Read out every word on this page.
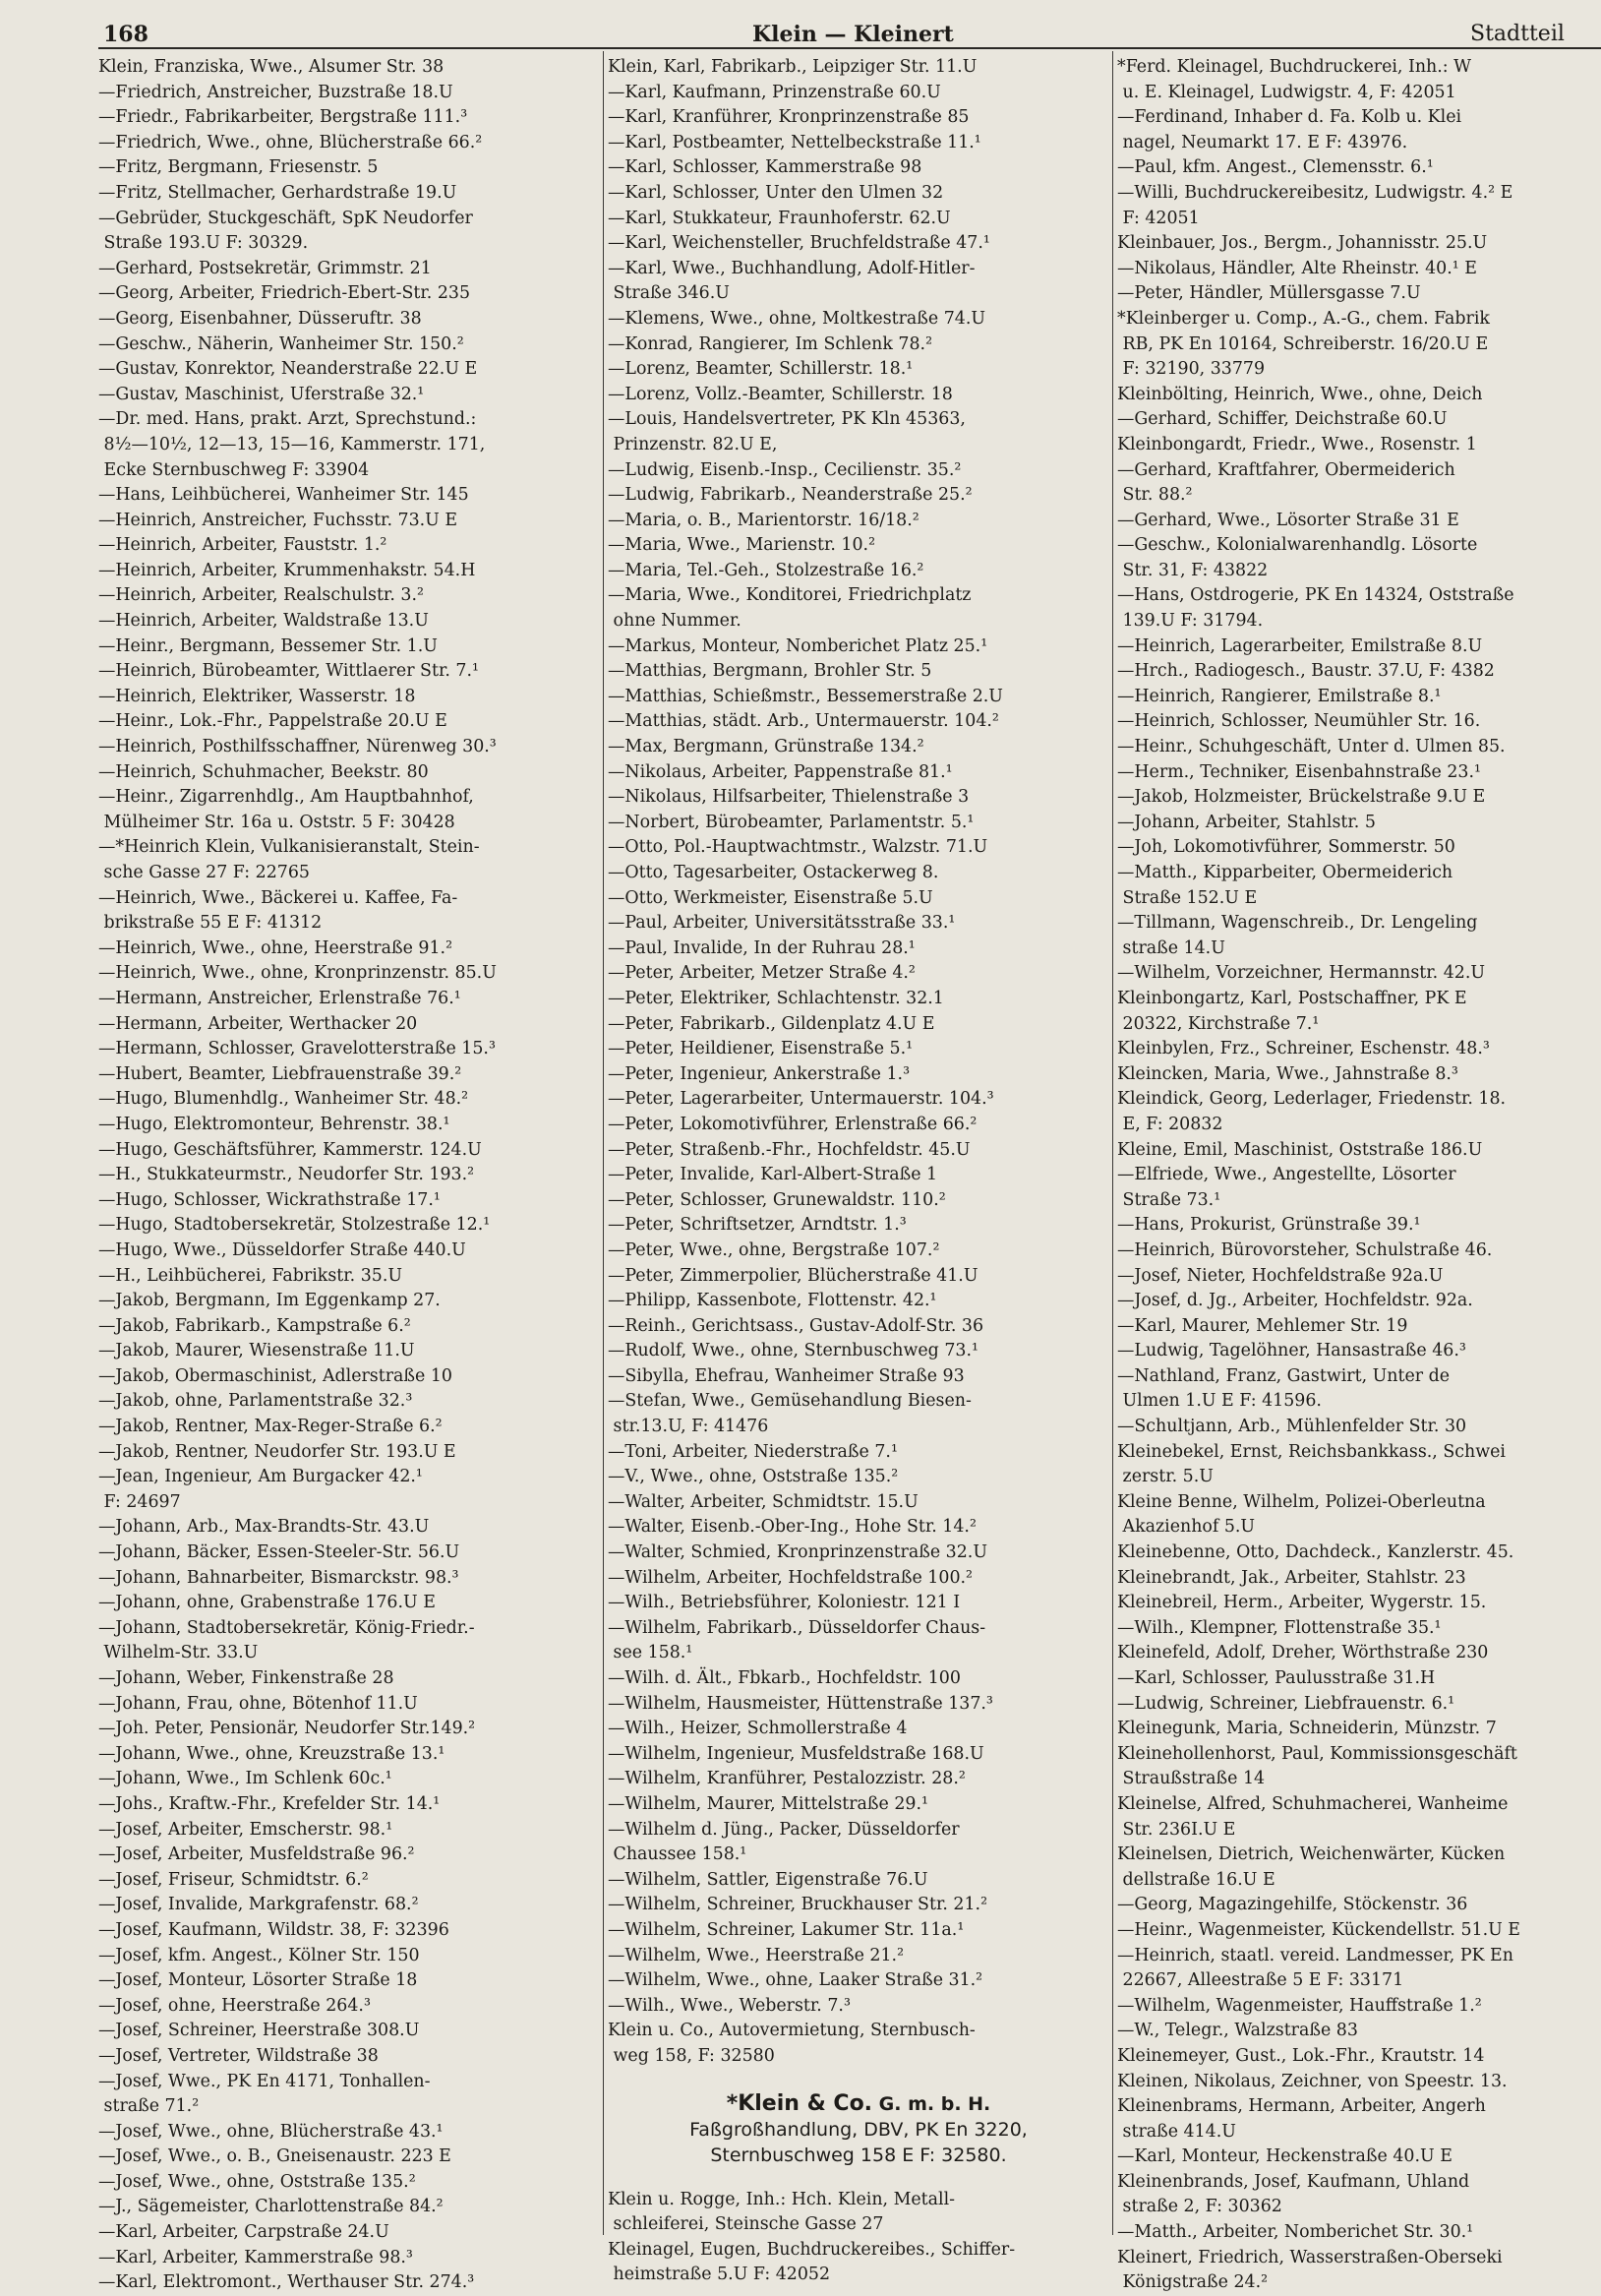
168	Klein — Kleinert	Stadtteil
Klein, Franziska, Wwe., Alsumer Str. 38
—Friedrich, Anstreicher, Buzstraße 18.U
—Friedr., Fabrikarbeiter, Bergstraße 111.³
—Friedrich, Wwe., ohne, Blücherstraße 66.²
—Fritz, Bergmann, Friesenstr. 5
—Fritz, Stellmacher, Gerhardstraße 19.U
—Gebrüder, Stuckgeschäft, SpK Neudorfer
Straße 193.U F: 30329.
—Gerhard, Postsekretär, Grimmstr. 21
—Georg, Arbeiter, Friedrich-Ebert-Str. 235
—Georg, Eisenbahner, Düsseruftr. 38
—Geschw., Näherin, Wanheimer Str. 150.²
—Gustav, Konrektor, Neanderstraße 22.U E
—Gustav, Maschinist, Uferstraße 32.¹
—Dr. med. Hans, prakt. Arzt, Sprechstund.:
8½—10½, 12—13, 15—16, Kammerstr. 171,
Ecke Sternbuschweg F: 33904
—Hans, Leihbücherei, Wanheimer Str. 145
—Heinrich, Anstreicher, Fuchsstr. 73.U E
—Heinrich, Arbeiter, Fauststr. 1.²
—Heinrich, Arbeiter, Krummenhakstr. 54.H
—Heinrich, Arbeiter, Realschulstr. 3.²
—Heinrich, Arbeiter, Waldstraße 13.U
—Heinr., Bergmann, Bessemer Str. 1.U
—Heinrich, Bürobeamter, Wittlaerer Str. 7.¹
—Heinrich, Elektriker, Wasserstr. 18
—Heinr., Lok.-Fhr., Pappelstraße 20.U E
—Heinrich, Posthilfsschaffner, Nürenweg 30.³
—Heinrich, Schuhmacher, Beekstr. 80
—Heinr., Zigarrenhdlg., Am Hauptbahnhof,
Mülheimer Str. 16a u. Oststr. 5 F: 30428
—*Heinrich Klein, Vulkanisieranstalt, Stein-
sche Gasse 27 F: 22765
—Heinrich, Wwe., Bäckerei u. Kaffee, Fa-
brikstraße 55 E F: 41312
—Heinrich, Wwe., ohne, Heerstraße 91.²
—Heinrich, Wwe., ohne, Kronprinzenstr. 85.U
—Hermann, Anstreicher, Erlenstraße 76.¹
—Hermann, Arbeiter, Werthacker 20
—Hermann, Schlosser, Gravelotterstraße 15.³
—Hubert, Beamter, Liebfrauenstraße 39.²
—Hugo, Blumenhdlg., Wanheimer Str. 48.²
—Hugo, Elektromonteur, Behrenstr. 38.¹
—Hugo, Geschäftsführer, Kammerstr. 124.U
—H., Stukkateurmstr., Neudorfer Str. 193.²
—Hugo, Schlosser, Wickrathstraße 17.¹
—Hugo, Stadtobersekretär, Stolzestraße 12.¹
—Hugo, Wwe., Düsseldorfer Straße 440.U
—H., Leihbücherei, Fabrikstr. 35.U
—Jakob, Bergmann, Im Eggenkamp 27.
—Jakob, Fabrikarb., Kampstraße 6.²
—Jakob, Maurer, Wiesenstraße 11.U
—Jakob, Obermaschinist, Adlerstraße 10
—Jakob, ohne, Parlamentstraße 32.³
—Jakob, Rentner, Max-Reger-Straße 6.²
—Jakob, Rentner, Neudorfer Str. 193.U E
—Jean, Ingenieur, Am Burgacker 42.¹
F: 24697
—Johann, Arb., Max-Brandts-Str. 43.U
—Johann, Bäcker, Essen-Steeler-Str. 56.U
—Johann, Bahnarbeiter, Bismarckstr. 98.³
—Johann, ohne, Grabenstraße 176.U E
—Johann, Stadtobersekretär, König-Friedr.-
Wilhelm-Str. 33.U
—Johann, Weber, Finkenstraße 28
—Johann, Frau, ohne, Bötenhof 11.U
—Joh. Peter, Pensionär, Neudorfer Str.149.²
—Johann, Wwe., ohne, Kreuzstraße 13.¹
—Johann, Wwe., Im Schlenk 60c.¹
—Johs., Kraftw.-Fhr., Krefelder Str. 14.¹
—Josef, Arbeiter, Emscherstr. 98.¹
—Josef, Arbeiter, Musfeldstraße 96.²
—Josef, Friseur, Schmidtstr. 6.²
—Josef, Invalide, Markgrafenstr. 68.²
—Josef, Kaufmann, Wildstr. 38, F: 32396
—Josef, kfm. Angest., Kölner Str. 150
—Josef, Monteur, Lösorter Straße 18
—Josef, ohne, Heerstraße 264.³
—Josef, Schreiner, Heerstraße 308.U
—Josef, Vertreter, Wildstraße 38
—Josef, Wwe., PK En 4171, Tonhallen-
straße 71.²
—Josef, Wwe., ohne, Blücherstraße 43.¹
—Josef, Wwe., o. B., Gneisenaustr. 223 E
—Josef, Wwe., ohne, Oststraße 135.²
—J., Sägemeister, Charlottenstraße 84.²
—Karl, Arbeiter, Carpstraße 24.U
—Karl, Arbeiter, Kammerstraße 98.³
—Karl, Elektromont., Werthauser Str. 274.³
Klein, Karl, Fabrikarb., Leipziger Str. 11.U
—Karl, Kaufmann, Prinzenstraße 60.U
—Karl, Kranführer, Kronprinzenstraße 85
—Karl, Postbeamter, Nettelbeckstraße 11.¹
—Karl, Schlosser, Kammerstraße 98
—Karl, Schlosser, Unter den Ulmen 32
—Karl, Stukkateur, Fraunhoferstr. 62.U
—Karl, Weichensteller, Bruchfeldstraße 47.¹
—Karl, Wwe., Buchhandlung, Adolf-Hitler-
Straße 346.U
—Klemens, Wwe., ohne, Moltkestraße 74.U
—Konrad, Rangierer, Im Schlenk 78.²
—Lorenz, Beamter, Schillerstr. 18.¹
—Lorenz, Vollz.-Beamter, Schillerstr. 18
—Louis, Handelsvertreter, PK Kln 45363,
Prinzenstr. 82.U E,
—Ludwig, Eisenb.-Insp., Cecilienstr. 35.²
—Ludwig, Fabrikarb., Neanderstraße 25.²
—Maria, o. B., Marientorstr. 16/18.²
—Maria, Wwe., Marienstr. 10.²
—Maria, Tel.-Geh., Stolzestraße 16.²
—Maria, Wwe., Konditorei, Friedrichplatz
ohne Nummer.
—Markus, Monteur, Nomberichet Platz 25.¹
—Matthias, Bergmann, Brohler Str. 5
—Matthias, Schießmstr., Bessemerstraße 2.U
—Matthias, städt. Arb., Untermauerstr. 104.²
—Max, Bergmann, Grünstraße 134.²
—Nikolaus, Arbeiter, Pappenstraße 81.¹
—Nikolaus, Hilfsarbeiter, Thielenstraße 3
—Norbert, Bürobeamter, Parlamentstr. 5.¹
—Otto, Pol.-Hauptwachtmstr., Walzstr. 71.U
—Otto, Tagesarbeiter, Ostackerweg 8.
—Otto, Werkmeister, Eisenstraße 5.U
—Paul, Arbeiter, Universitätsstraße 33.¹
—Paul, Invalide, In der Ruhrau 28.¹
—Peter, Arbeiter, Metzer Straße 4.²
—Peter, Elektriker, Schlachtenstr. 32.1
—Peter, Fabrikarb., Gildenplatz 4.U E
—Peter, Heildiener, Eisenstraße 5.¹
—Peter, Ingenieur, Ankerstraße 1.³
—Peter, Lagerarbeiter, Untermauerstr. 104.³
—Peter, Lokomotivführer, Erlenstraße 66.²
—Peter, Straßenb.-Fhr., Hochfeldstr. 45.U
—Peter, Invalide, Karl-Albert-Straße 1
—Peter, Schlosser, Grunewaldstr. 110.²
—Peter, Schriftsetzer, Arndtstr. 1.³
—Peter, Wwe., ohne, Bergstraße 107.²
—Peter, Zimmerpolier, Blücherstraße 41.U
—Philipp, Kassenbote, Flottenstr. 42.¹
—Reinh., Gerichtsass., Gustav-Adolf-Str. 36
—Rudolf, Wwe., ohne, Sternbuschweg 73.¹
—Sibylla, Ehefrau, Wanheimer Straße 93
—Stefan, Wwe., Gemüsehandlung Biesen-
str.13.U, F: 41476
—Toni, Arbeiter, Niederstraße 7.¹
—V., Wwe., ohne, Oststraße 135.²
—Walter, Arbeiter, Schmidtstr. 15.U
—Walter, Eisenb.-Ober-Ing., Hohe Str. 14.²
—Walter, Schmied, Kronprinzenstraße 32.U
—Wilhelm, Arbeiter, Hochfeldstraße 100.²
—Wilh., Betriebsführer, Koloniestr. 121 I
—Wilhelm, Fabrikarb., Düsseldorfer Chaus-
see 158.¹
—Wilh. d. Ält., Fbkarb., Hochfeldstr. 100
—Wilhelm, Hausmeister, Hüttenstraße 137.³
—Wilh., Heizer, Schmollerstraße 4
—Wilhelm, Ingenieur, Musfeldstraße 168.U
—Wilhelm, Kranführer, Pestalozzistr. 28.²
—Wilhelm, Maurer, Mittelstraße 29.¹
—Wilhelm d. Jüng., Packer, Düsseldorfer
Chaussee 158.¹
—Wilhelm, Sattler, Eigenstraße 76.U
—Wilhelm, Schreiner, Bruckhauser Str. 21.²
—Wilhelm, Schreiner, Lakumer Str. 11a.¹
—Wilhelm, Wwe., Heerstraße 21.²
—Wilhelm, Wwe., ohne, Laaker Straße 31.²
—Wilh., Wwe., Weberstr. 7.³
Klein u. Co., Autovermietung, Sternbusch-
weg 158, F: 32580
*Klein & Co. G. m. b. H.
Faßgroßhandlung, DBV, PK En 3220,
Sternbuschweg 158 E F: 32580.
Klein u. Rogge, Inh.: Hch. Klein, Metall-
schleiferei, Steinsche Gasse 27
Kleinagel, Eugen, Buchdruckereibes., Schiffer-
heimstraße 5.U F: 42052
*Ferd. Kleinagel, Buchdruckerei, Inh.: W
u. E. Kleinagel, Ludwigstr. 4, F: 42051
—Ferdinand, Inhaber d. Fa. Kolb u. Klei
nagel, Neumarkt 17. E F: 43976.
—Paul, kfm. Angest., Clemensstr. 6.¹
—Willi, Buchdruckereibesitz, Ludwigstr. 4.² E
F: 42051
Kleinbauer, Jos., Bergm., Johannisstr. 25.U
—Nikolaus, Händler, Alte Rheinstr. 40.¹ E
—Peter, Händler, Müllersgasse 7.U
*Kleinberger u. Comp., A.-G., chem. Fabrik
RB, PK En 10164, Schreiberstr. 16/20.U E
F: 32190, 33779
Kleinbölting, Heinrich, Wwe., ohne, Deich
—Gerhard, Schiffer, Deichstraße 60.U
Kleinbongardt, Friedr., Wwe., Rosenstr. 1
—Gerhard, Kraftfahrer, Obermeiderich
Str. 88.²
—Gerhard, Wwe., Lösorter Straße 31 E
—Geschw., Kolonialwarenhandlg. Lösorte
Str. 31, F: 43822
—Hans, Ostdrogerie, PK En 14324, Oststraße
139.U F: 31794.
—Heinrich, Lagerarbeiter, Emilstraße 8.U
—Hrch., Radiogesch., Baustr. 37.U, F: 4382
—Heinrich, Rangierer, Emilstraße 8.¹
—Heinrich, Schlosser, Neumühler Str. 16.
—Heinr., Schuhgeschäft, Unter d. Ulmen 85.
—Herm., Techniker, Eisenbahnstraße 23.¹
—Jakob, Holzmeister, Brückelstraße 9.U E
—Johann, Arbeiter, Stahlstr. 5
—Joh, Lokomotivführer, Sommerstr. 50
—Matth., Kipparbeiter, Obermeiderich
Straße 152.U E
—Tillmann, Wagenschreib., Dr. Lengeling
straße 14.U
—Wilhelm, Vorzeichner, Hermannstr. 42.U
Kleinbongartz, Karl, Postschaffner, PK E
20322, Kirchstraße 7.¹
Kleinbylen, Frz., Schreiner, Eschenstr. 48.³
Kleincken, Maria, Wwe., Jahnstraße 8.³
Kleindick, Georg, Lederlager, Friedenstr. 18.
E, F: 20832
Kleine, Emil, Maschinist, Oststraße 186.U
—Elfriede, Wwe., Angestellte, Lösorter
Straße 73.¹
—Hans, Prokurist, Grünstraße 39.¹
—Heinrich, Bürovorsteher, Schulstraße 46.
—Josef, Nieter, Hochfeldstraße 92a.U
—Josef, d. Jg., Arbeiter, Hochfeldstr. 92a.
—Karl, Maurer, Mehlemer Str. 19
—Ludwig, Tagelöhner, Hansastraße 46.³
—Nathland, Franz, Gastwirt, Unter de
Ulmen 1.U E F: 41596.
—Schultjann, Arb., Mühlenfelder Str. 30
Kleinebekel, Ernst, Reichsbankkass., Schwei
zerstr. 5.U
Kleine Benne, Wilhelm, Polizei-Oberleutna
Akazienhof 5.U
Kleinebenne, Otto, Dachdeck., Kanzlerstr. 45.
Kleinebrandt, Jak., Arbeiter, Stahlstr. 23
Kleinebreil, Herm., Arbeiter, Wygerstr. 15.
—Wilh., Klempner, Flottenstraße 35.¹
Kleinefeld, Adolf, Dreher, Wörthstraße 230
—Karl, Schlosser, Paulusstraße 31.H
—Ludwig, Schreiner, Liebfrauenstr. 6.¹
Kleinegunk, Maria, Schneiderin, Münzstr. 7
Kleinehollenhorst, Paul, Kommissionsgeschäft
Straußstraße 14
Kleinelse, Alfred, Schuhmacherei, Wanheime
Str. 236I.U E
Kleinelsen, Dietrich, Weichenwärter, Kücken
dellstraße 16.U E
—Georg, Magazingehilfe, Stöckenstr. 36
—Heinr., Wagenmeister, Kückendellstr. 51.U E
—Heinrich, staatl. vereid. Landmesser, PK En
22667, Alleestraße 5 E F: 33171
—Wilhelm, Wagenmeister, Hauffstraße 1.²
—W., Telegr., Walzstraße 83
Kleinemeyer, Gust., Lok.-Fhr., Krautstr. 14
Kleinen, Nikolaus, Zeichner, von Speestr. 13.
Kleinenbrams, Hermann, Arbeiter, Angerh
straße 414.U
—Karl, Monteur, Heckenstraße 40.U E
Kleinenbrands, Josef, Kaufmann, Uhland
straße 2, F: 30362
—Matth., Arbeiter, Nomberichet Str. 30.¹
Kleinert, Friedrich, Wasserstraßen-Oberseki
Königstraße 24.²
